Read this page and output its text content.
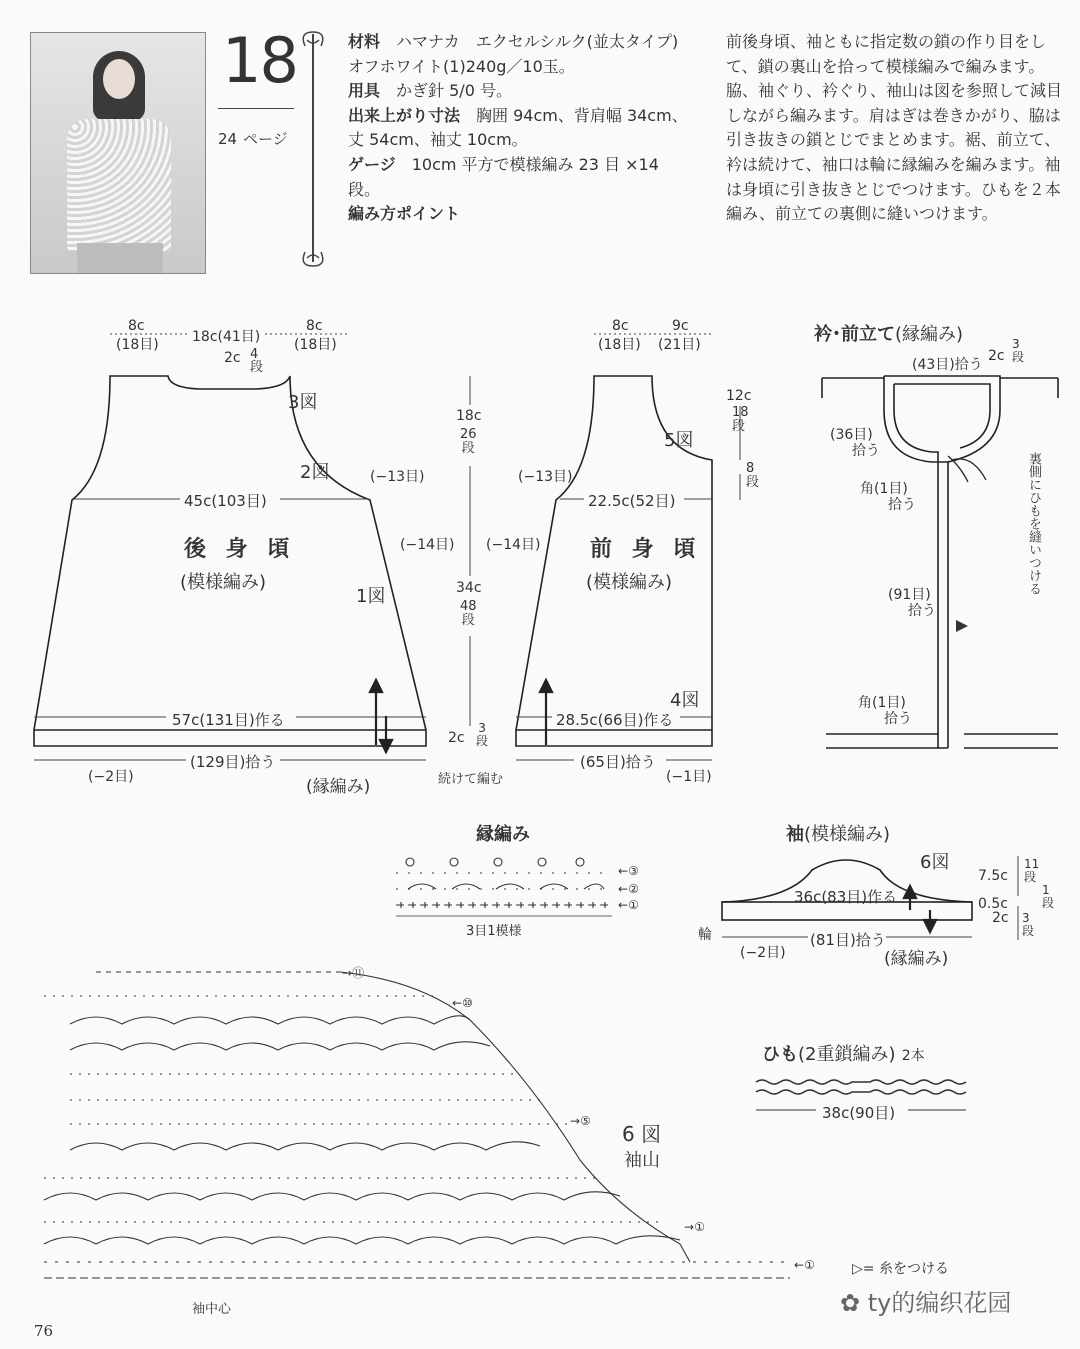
18
24 ページ
材料　 ハマナカ　エクセルシルク(並太タイプ)　オフホワイト(1)240g／10玉。
用具　 かぎ針 5/0 号。
出来上がり寸法　 胸囲 94cm、背肩幅 34cm、丈 54cm、袖丈 10cm。
ゲージ　 10cm 平方で模様編み 23 目 ×14 段。
編み方ポイント
前後身頃、袖ともに指定数の鎖の作り目をして、鎖の裏山を拾って模様編みで編みます。脇、袖ぐり、衿ぐり、袖山は図を参照して減目しながら編みます。肩はぎは巻きかがり、脇は引き抜きの鎖とじでまとめます。裾、前立て、衿は続けて、袖口は輪に縁編みを編みます。袖は身頃に引き抜きとじでつけます。ひもを２本編み、前立ての裏側に縫いつけます。
8c
(18目) 18c(41目)
8c
(18目)
2c 4
段
3図
2図	(−13目)
45c(103目)
後 身 頃
(模様編み)
(−14目)
1図
57c(131目)作る
(−2目)
(129目)拾う
(縁編み)
18c
26
段
34c
48
段
2c
3
段
続けて編む
8c
(18目)
9c
(21目)
12c
18
段
8
段
5図
(−13目)
22.5c(52目)
(−14目) 前 身 頃
(模様編み)
4図
28.5c(66目)作る
(65目)拾う
(−1目)
衿･前立て(縁編み)
(43目)拾う
2c
3
段
(36目)
拾う
角(1目)
拾う
(91目)
拾う
角(1目)
拾う
裏側にひもを縫いつける
縁編み
←③
←②
←①
3目1模様
袖(模様編み)
6図
36c(83目)作る
輪
(−2目)
(81目)拾う
(縁編み)
7.5c
11
段
0.5c
1
段
2c 3
段
ひも(2重鎖編み) 2本
38c(90目)
→⑪
←⑩
→⑤
6 図
袖山
→①
←①
袖中心
▷= 糸をつける
76
✿ ty的编织花园
